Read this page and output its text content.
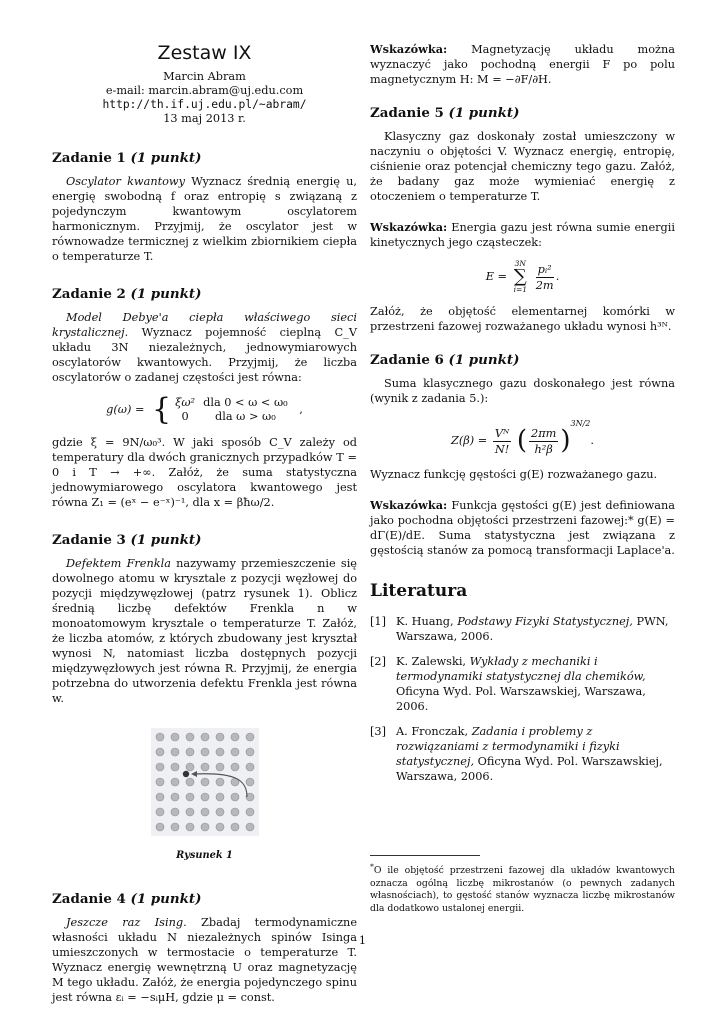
Zestaw IX
Marcin Abram
e-mail: marcin.abram@uj.edu.com
http://th.if.uj.edu.pl/~abram/
13 maj 2013 r.
Zadanie 1 (1 punkt)

Oscylator kwantowy Wyznacz średnią energię u, energię swobodną f oraz entropię s związaną z pojedynczym kwantowym oscylatorem harmonicznym. Przyjmij, że oscylator jest w równowadze termicznej z wielkim zbiornikiem ciepła o temperaturze T.

Zadanie 2 (1 punkt)

Model Debye'a ciepła właściwego sieci krystalicznej. Wyznacz pojemność cieplną C_V układu 3N niezależnych, jednowymiarowych oscylatorów kwantowych. Przyjmij, że liczba oscylatorów o zadanej częstości jest równa:

g(ω) = { ξω²	dla 0 < ω < ω₀
0	dla ω > ω₀
,

gdzie ξ = 9N/ω₀³. W jaki sposób C_V zależy od temperatury dla dwóch granicznych przypadków T = 0 i T → +∞. Załóż, że suma statystyczna jednowymiarowego oscylatora kwantowego jest równa Z₁ = (eˣ − e⁻ˣ)⁻¹, dla x = βħω/2.

Zadanie 3 (1 punkt)

Defektem Frenkla nazywamy przemieszczenie się dowolnego atomu w krysztale z pozycji węzłowej do pozycji międzywęzłowej (patrz rysunek 1). Oblicz średnią liczbę defektów Frenkla n w monoatomowym krysztale o temperaturze T. Załóż, że liczba atomów, z których zbudowany jest kryształ wynosi N, natomiast liczba dostępnych pozycji międzywęzłowych jest równa R. Przyjmij, że energia potrzebna do utworzenia defektu Frenkla jest równa w.

Rysunek 1
Zadanie 4 (1 punkt)

Jeszcze raz Ising. Zbadaj termodynamiczne własności układu N niezależnych spinów Isinga umieszczonych w termostacie o temperaturze T. Wyznacz energię wewnętrzną U oraz magnetyzację M tego układu. Załóż, że energia pojedynczego spinu jest równa εᵢ = −sᵢμH, gdzie μ = const.

Wskazówka: Magnetyzację układu można wyznaczyć jako pochodną energii F po polu magnetycznym H: M = −∂F/∂H.

Zadanie 5 (1 punkt)

Klasyczny gaz doskonały został umieszczony w naczyniu o objętości V. Wyznacz energię, entropię, ciśnienie oraz potencjał chemiczny tego gazu. Załóż, że badany gaz może wymieniać energię z otoczeniem o temperaturze T.

Wskazówka: Energia gazu jest równa sumie energii kinetycznych jego cząsteczek:

E =
3N
∑
i=1
$\frac{\text{pᵢ²}}{2m}$ .

Załóż, że objętość elementarnej komórki w przestrzeni fazowej rozważanego układu wynosi h³ᴺ.

Zadanie 6 (1 punkt)

Suma klasycznego gazu doskonałego jest równa (wynik z zadania 5.):

$Z(\beta) = \frac{\text{Vᴺ}}{N!}$ ( $\frac{2\pi m}{\text{h²β}} )^{3N/2}$.

Wyznacz funkcję gęstości g(E) rozważanego gazu.

Wskazówka: Funkcja gęstości g(E) jest definiowana jako pochodna objętości przestrzeni fazowej:* g(E) = dΓ(E)/dE. Suma statystyczna jest związana z gęstością stanów za pomocą transformacji Laplace'a.

Literatura
[1] K. Huang, Podstawy Fizyki Statystycznej, PWN, Warszawa, 2006.
[2] K. Zalewski, Wykłady z mechaniki i termodynamiki statystycznej dla chemików, Oficyna Wyd. Pol. Warszawskiej, Warszawa, 2006.
[3] A. Fronczak, Zadania i problemy z rozwiązaniami z termodynamiki i fizyki statystycznej, Oficyna Wyd. Pol. Warszawskiej, Warszawa, 2006.

*O ile objętość przestrzeni fazowej dla układów kwantowych oznacza ogólną liczbę mikrostanów (o pewnych zadanych własnościach), to gęstość stanów wyznacza liczbę mikrostanów dla dodatkowo ustalonej energii.

1
